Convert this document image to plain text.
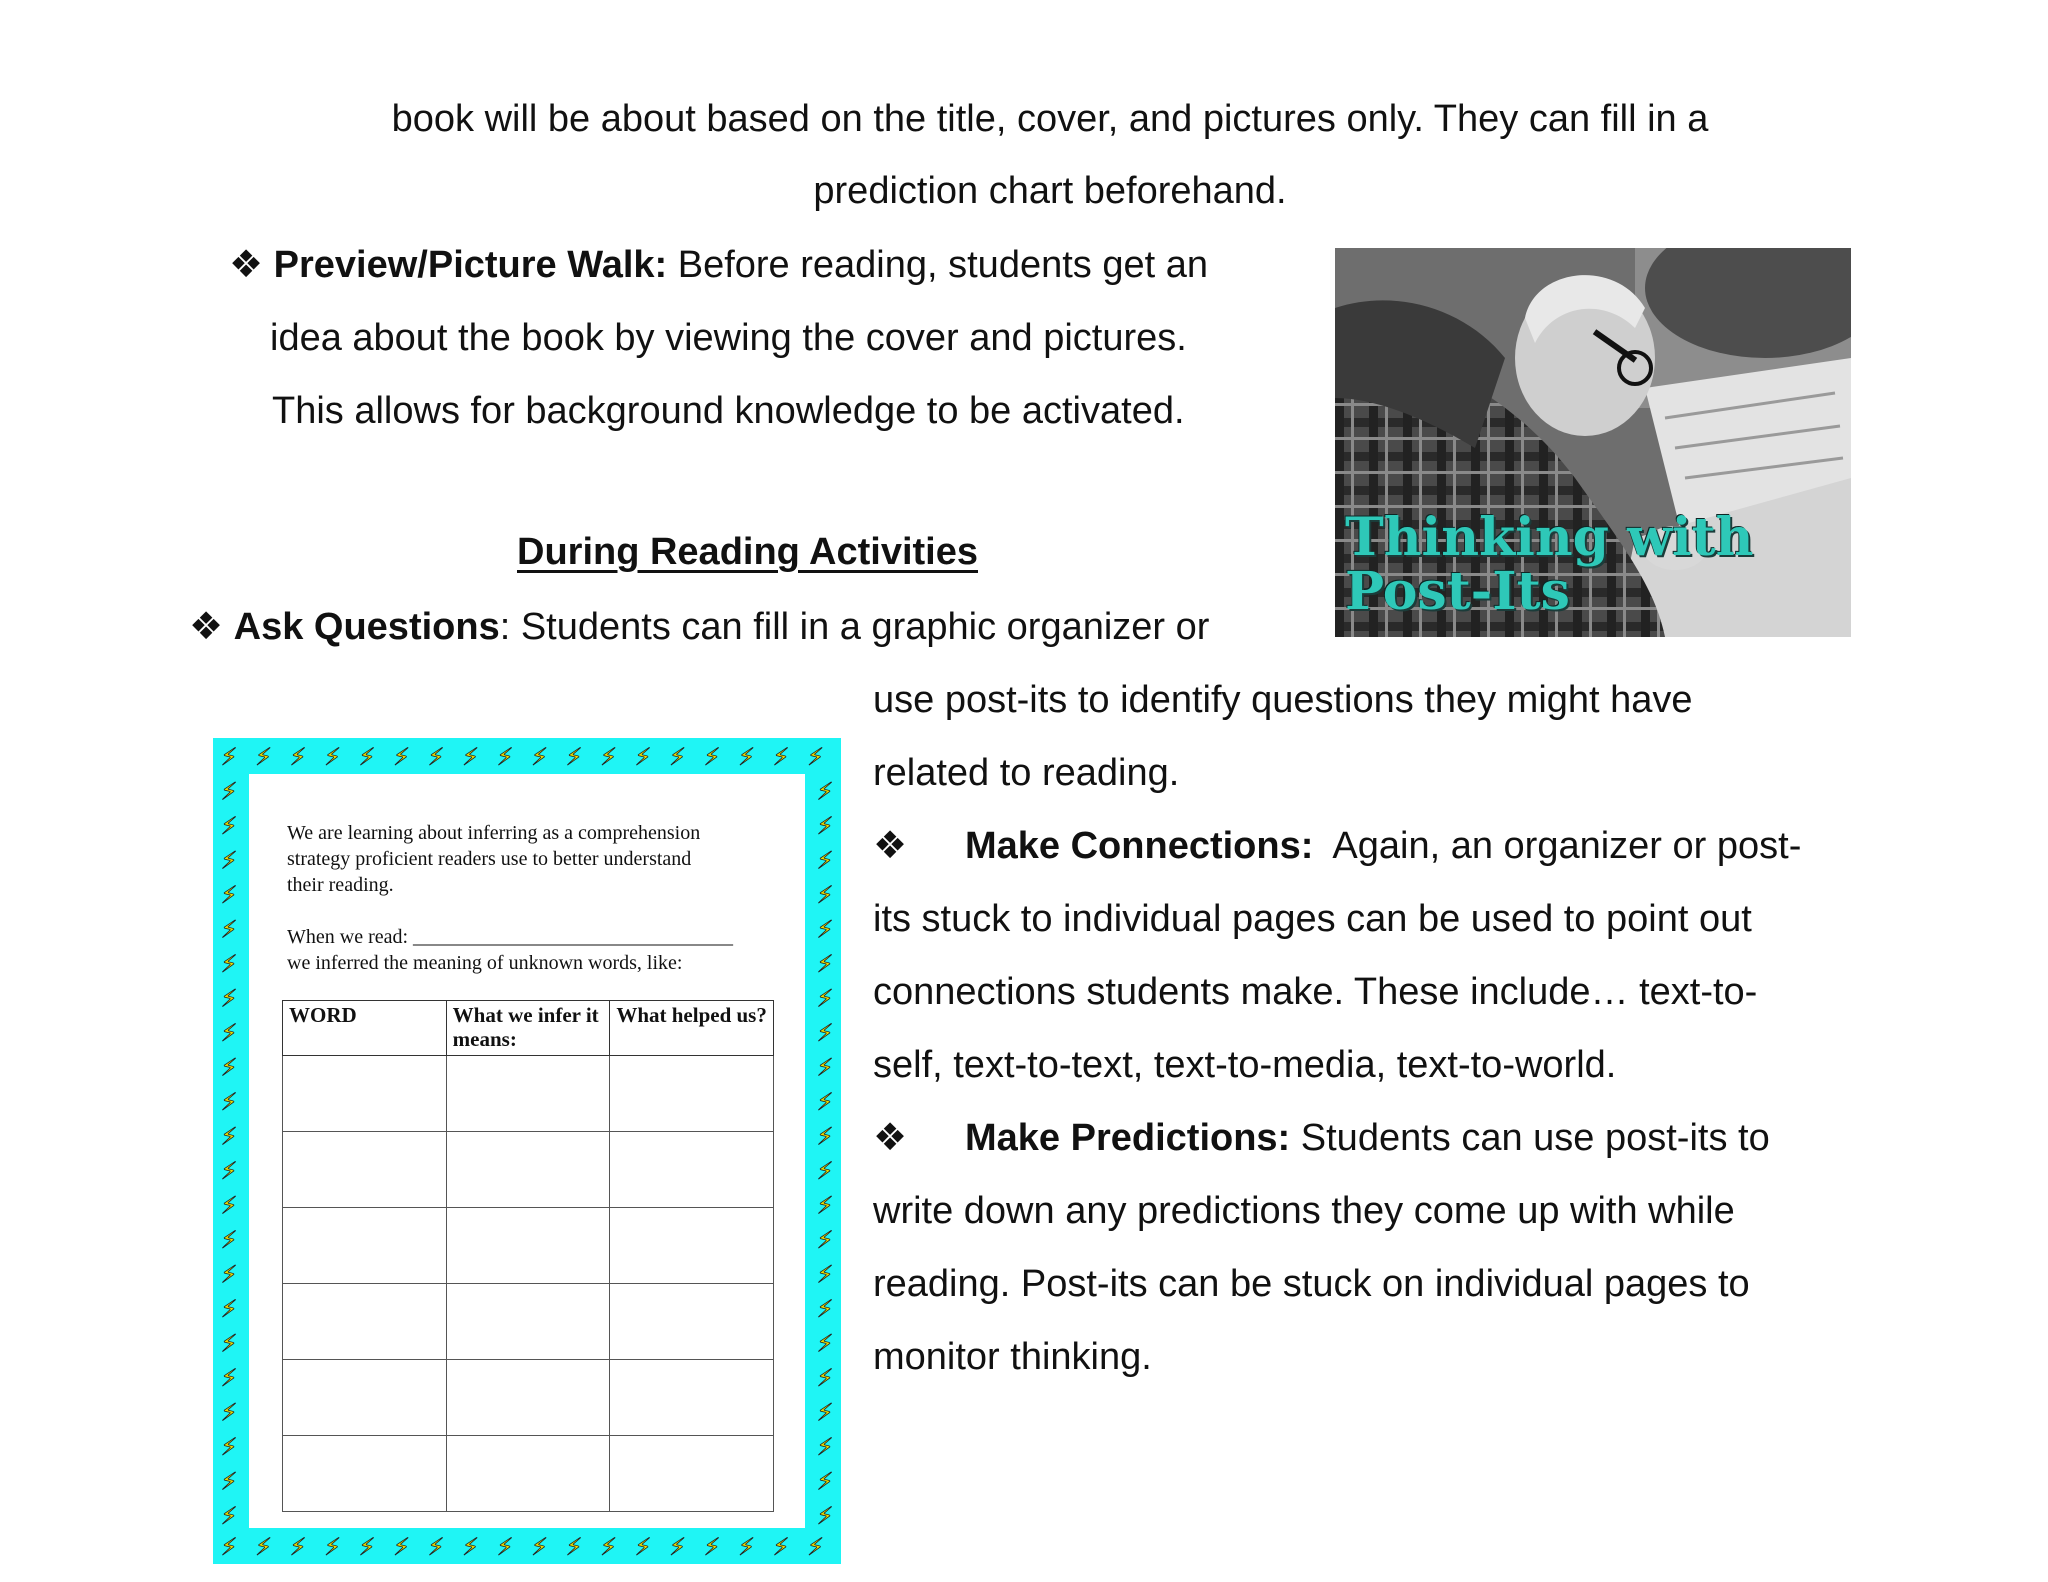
book will be about based on the title, cover, and pictures only. They can fill in a
prediction chart beforehand.
❖ Preview/Picture Walk: Before reading, students get an
idea about the book by viewing the cover and pictures.
This allows for background knowledge to be activated.
Thinking with
Post-Its
During Reading Activities
❖ Ask Questions: Students can fill in a graphic organizer or
use post-its to identify questions they might have
related to reading.
❖ Make Connections:  Again, an organizer or post-
its stuck to individual pages can be used to point out
connections students make. These include… text-to-
self, text-to-text, text-to-media, text-to-world.
❖ Make Predictions: Students can use post-its to
write down any predictions they come up with while
reading. Post-its can be stuck on individual pages to
monitor thinking.
⚡
⚡
⚡
⚡
⚡
⚡
⚡
⚡
⚡
⚡
⚡
⚡
⚡
⚡
⚡
⚡
⚡
⚡
⚡
⚡
⚡
⚡
⚡
⚡
⚡
⚡
⚡
⚡
⚡
⚡
⚡
⚡
⚡
⚡
⚡
⚡
⚡	⚡
⚡	⚡
⚡	⚡
⚡	⚡
⚡	⚡
⚡	⚡
⚡	⚡
⚡	⚡
⚡	⚡
⚡	⚡
⚡	⚡
⚡	⚡
⚡	⚡
⚡	⚡
⚡	⚡
⚡	⚡
⚡	⚡
⚡	⚡
⚡	⚡
⚡	⚡
⚡	⚡
⚡	⚡
We are learning about inferring as a comprehension
strategy proficient readers use to better understand
their reading.
When we read: ________________________________
we inferred the meaning of unknown words, like:
WORD	What we infer it means:	What helped us?
